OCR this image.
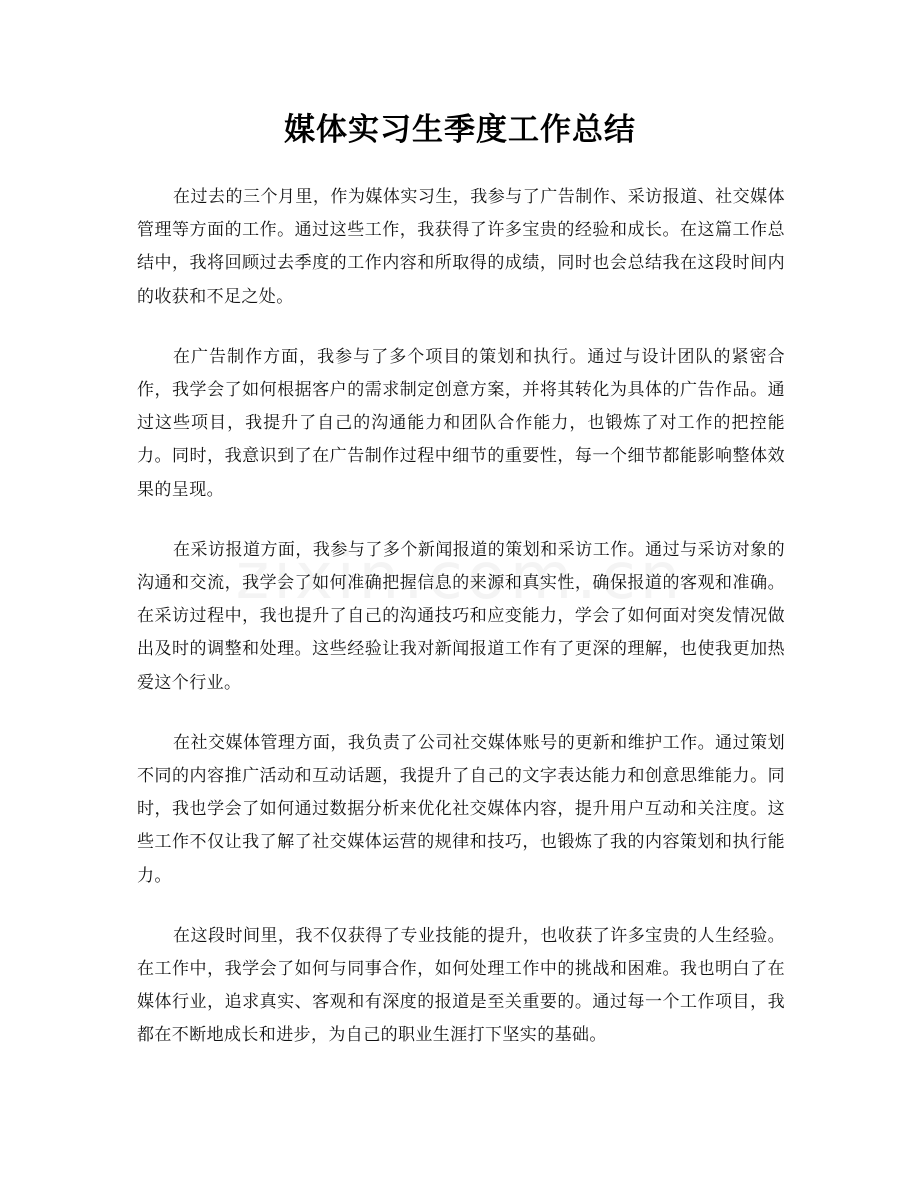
媒体实习生季度工作总结

在过去的三个月里，作为媒体实习生，我参与了广告制作、采访报道、社交媒体管理等方面的工作。通过这些工作，我获得了许多宝贵的经验和成长。在这篇工作总结中，我将回顾过去季度的工作内容和所取得的成绩，同时也会总结我在这段时间内的收获和不足之处。

在广告制作方面，我参与了多个项目的策划和执行。通过与设计团队的紧密合作，我学会了如何根据客户的需求制定创意方案，并将其转化为具体的广告作品。通过这些项目，我提升了自己的沟通能力和团队合作能力，也锻炼了对工作的把控能力。同时，我意识到了在广告制作过程中细节的重要性，每一个细节都能影响整体效果的呈现。

在采访报道方面，我参与了多个新闻报道的策划和采访工作。通过与采访对象的沟通和交流，我学会了如何准确把握信息的来源和真实性，确保报道的客观和准确。在采访过程中，我也提升了自己的沟通技巧和应变能力，学会了如何面对突发情况做出及时的调整和处理。这些经验让我对新闻报道工作有了更深的理解，也使我更加热爱这个行业。

在社交媒体管理方面，我负责了公司社交媒体账号的更新和维护工作。通过策划不同的内容推广活动和互动话题，我提升了自己的文字表达能力和创意思维能力。同时，我也学会了如何通过数据分析来优化社交媒体内容，提升用户互动和关注度。这些工作不仅让我了解了社交媒体运营的规律和技巧，也锻炼了我的内容策划和执行能力。

在这段时间里，我不仅获得了专业技能的提升，也收获了许多宝贵的人生经验。在工作中，我学会了如何与同事合作，如何处理工作中的挑战和困难。我也明白了在媒体行业，追求真实、客观和有深度的报道是至关重要的。通过每一个工作项目，我都在不断地成长和进步，为自己的职业生涯打下坚实的基础。
